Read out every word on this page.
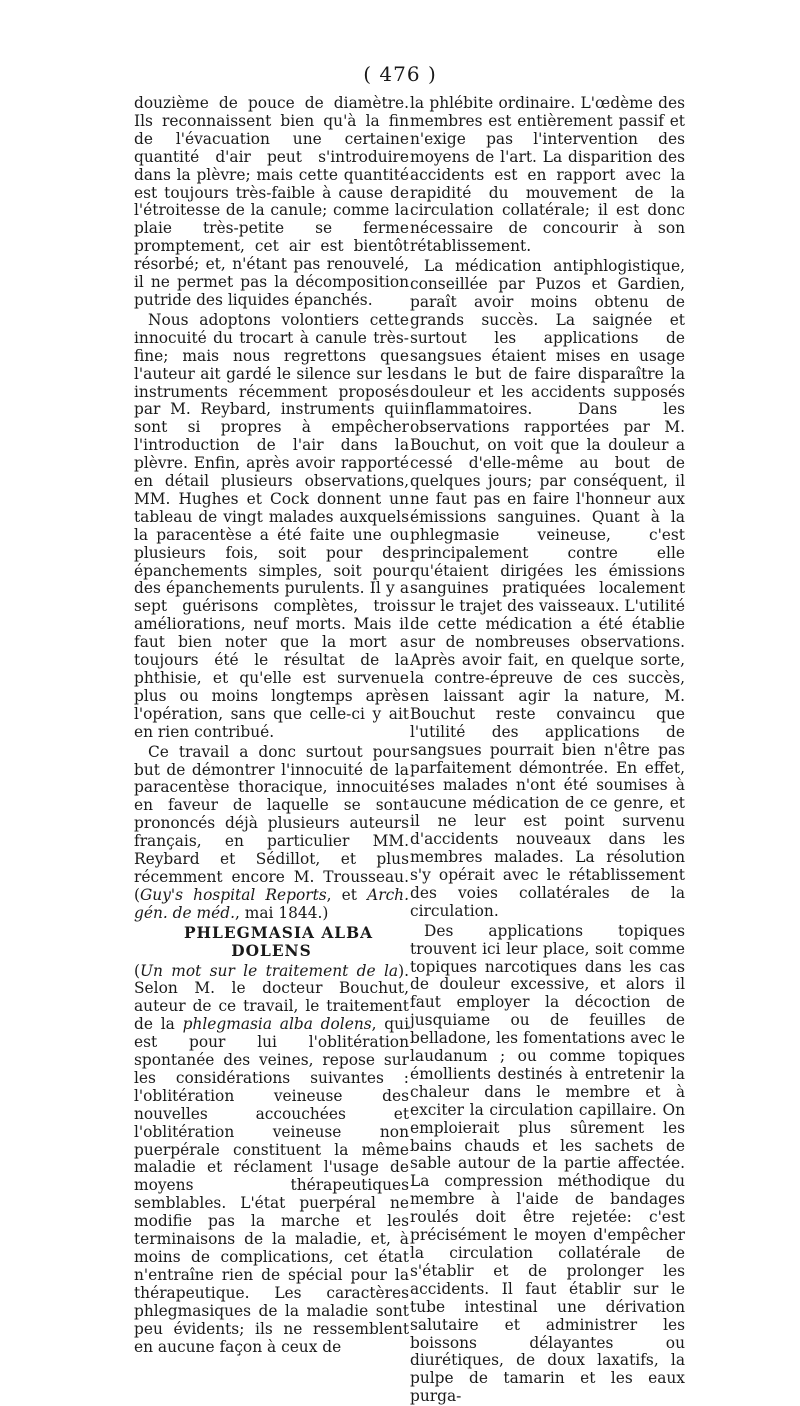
( 476 )

douzième de pouce de diamètre. Ils reconnaissent bien qu'à la fin de l'évacuation une certaine quantité d'air peut s'introduire dans la plèvre; mais cette quantité est toujours très-faible à cause de l'étroitesse de la canule; comme la plaie très-petite se ferme promptement, cet air est bientôt résorbé; et, n'étant pas renouvelé, il ne permet pas la décomposition putride des liquides épanchés.

Nous adoptons volontiers cette innocuité du trocart à canule très-fine; mais nous regrettons que l'auteur ait gardé le silence sur les instruments récemment proposés par M. Reybard, instruments qui sont si propres à empêcher l'introduction de l'air dans la plèvre. Enfin, après avoir rapporté en détail plusieurs observations, MM. Hughes et Cock donnent un tableau de vingt malades auxquels la paracentèse a été faite une ou plusieurs fois, soit pour des épanchements simples, soit pour des épanchements purulents. Il y a sept guérisons complètes, trois améliorations, neuf morts. Mais il faut bien noter que la mort a toujours été le résultat de la phthisie, et qu'elle est survenue plus ou moins longtemps après l'opération, sans que celle-ci y ait en rien contribué.

Ce travail a donc surtout pour but de démontrer l'innocuité de la paracentèse thoracique, innocuité en faveur de laquelle se sont prononcés déjà plusieurs auteurs français, en particulier MM. Reybard et Sédillot, et plus récemment encore M. Trousseau. (Guy's hospital Reports, et Arch. gén. de méd., mai 1844.)

PHLEGMASIA ALBA DOLENS

(Un mot sur le traitement de la). Selon M. le docteur Bouchut, auteur de ce travail, le traitement de la phlegmasia alba dolens, qui est pour lui l'oblitération spontanée des veines, repose sur les considérations suivantes : l'oblitération veineuse des nouvelles accouchées et l'oblitération veineuse non puerpérale constituent la même maladie et réclament l'usage de moyens thérapeutiques semblables. L'état puerpéral ne modifie pas la marche et les terminaisons de la maladie, et, à moins de complications, cet état n'entraîne rien de spécial pour la thérapeutique. Les caractères phlegmasiques de la maladie sont peu évidents; ils ne ressemblent en aucune façon à ceux de

la phlébite ordinaire. L'œdème des membres est entièrement passif et n'exige pas l'intervention des moyens de l'art. La disparition des accidents est en rapport avec la rapidité du mouvement de la circulation collatérale; il est donc nécessaire de concourir à son rétablissement.

La médication antiphlogistique, conseillée par Puzos et Gardien, paraît avoir moins obtenu de grands succès. La saignée et surtout les applications de sangsues étaient mises en usage dans le but de faire disparaître la douleur et les accidents supposés inflammatoires. Dans les observations rapportées par M. Bouchut, on voit que la douleur a cessé d'elle-même au bout de quelques jours; par conséquent, il ne faut pas en faire l'honneur aux émissions sanguines. Quant à la phlegmasie veineuse, c'est principalement contre elle qu'étaient dirigées les émissions sanguines pratiquées localement sur le trajet des vaisseaux. L'utilité de cette médication a été établie sur de nombreuses observations. Après avoir fait, en quelque sorte, la contre-épreuve de ces succès, en laissant agir la nature, M. Bouchut reste convaincu que l'utilité des applications de sangsues pourrait bien n'être pas parfaitement démontrée. En effet, ses malades n'ont été soumises à aucune médication de ce genre, et il ne leur est point survenu d'accidents nouveaux dans les membres malades. La résolution s'y opérait avec le rétablissement des voies collatérales de la circulation.

Des applications topiques trouvent ici leur place, soit comme topiques narcotiques dans les cas de douleur excessive, et alors il faut employer la décoction de jusquiame ou de feuilles de belladone, les fomentations avec le laudanum ; ou comme topiques émollients destinés à entretenir la chaleur dans le membre et à exciter la circulation capillaire. On emploierait plus sûrement les bains chauds et les sachets de sable autour de la partie affectée. La compression méthodique du membre à l'aide de bandages roulés doit être rejetée: c'est précisément le moyen d'empêcher la circulation collatérale de s'établir et de prolonger les accidents. Il faut établir sur le tube intestinal une dérivation salutaire et administrer les boissons délayantes ou diurétiques, de doux laxatifs, la pulpe de tamarin et les eaux purga-
